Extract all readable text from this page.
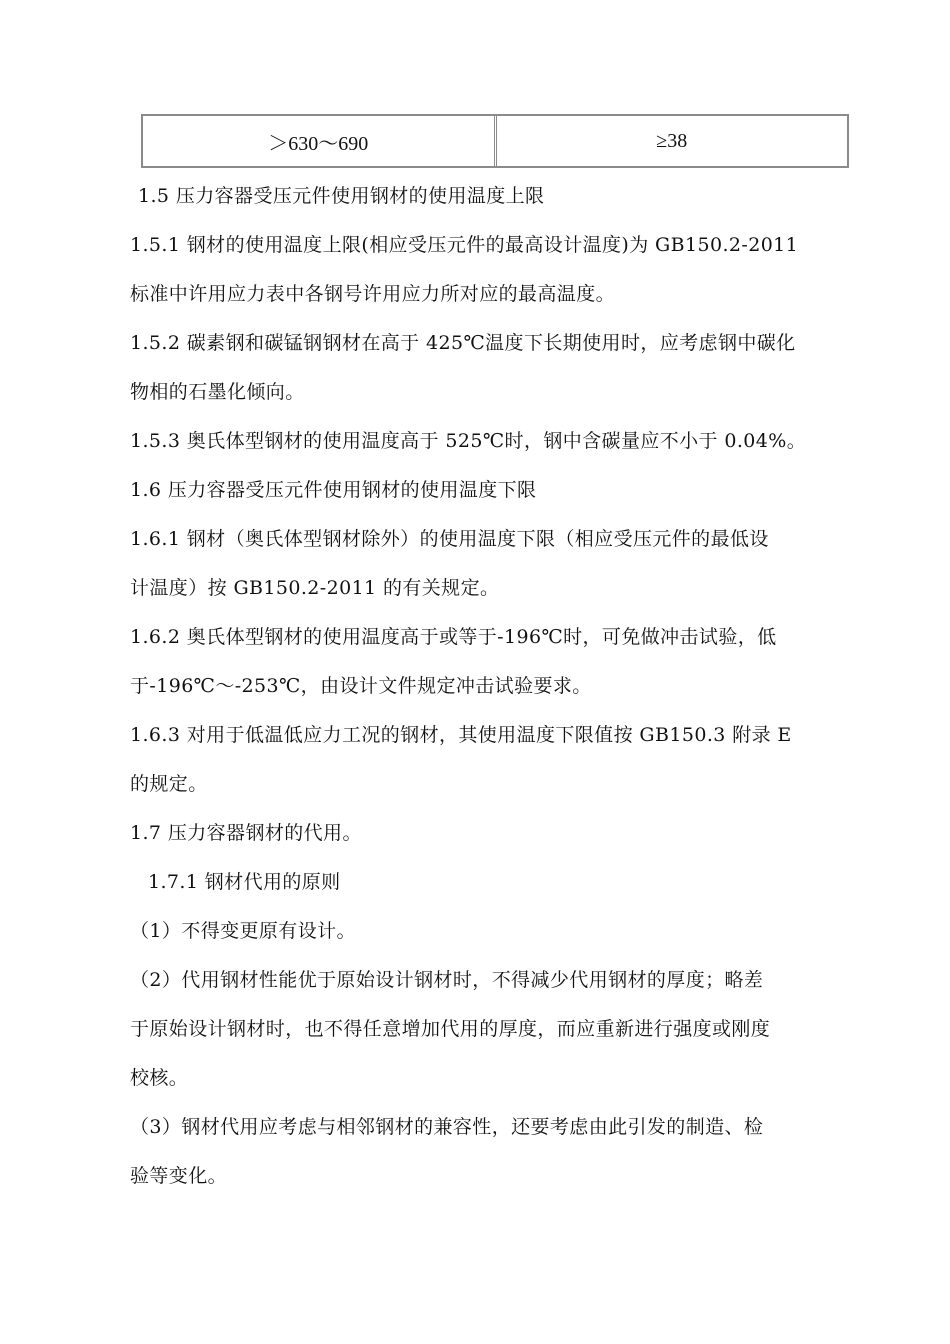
＞630～690	≥38
1.5 压力容器受压元件使用钢材的使用温度上限
1.5.1 钢材的使用温度上限(相应受压元件的最高设计温度)为 GB150.2-2011
标准中许用应力表中各钢号许用应力所对应的最高温度。
1.5.2 碳素钢和碳锰钢钢材在高于 425℃温度下长期使用时，应考虑钢中碳化
物相的石墨化倾向。
1.5.3 奥氏体型钢材的使用温度高于 525℃时，钢中含碳量应不小于 0.04%。
1.6 压力容器受压元件使用钢材的使用温度下限
1.6.1 钢材（奥氏体型钢材除外）的使用温度下限（相应受压元件的最低设
计温度）按 GB150.2-2011 的有关规定。
1.6.2 奥氏体型钢材的使用温度高于或等于-196℃时，可免做冲击试验，低
于-196℃～-253℃，由设计文件规定冲击试验要求。
1.6.3 对用于低温低应力工况的钢材，其使用温度下限值按 GB150.3 附录 E
的规定。
1.7 压力容器钢材的代用。
1.7.1 钢材代用的原则
（1）不得变更原有设计。
（2）代用钢材性能优于原始设计钢材时，不得减少代用钢材的厚度；略差
于原始设计钢材时，也不得任意增加代用的厚度，而应重新进行强度或刚度
校核。
（3）钢材代用应考虑与相邻钢材的兼容性，还要考虑由此引发的制造、检
验等变化。
